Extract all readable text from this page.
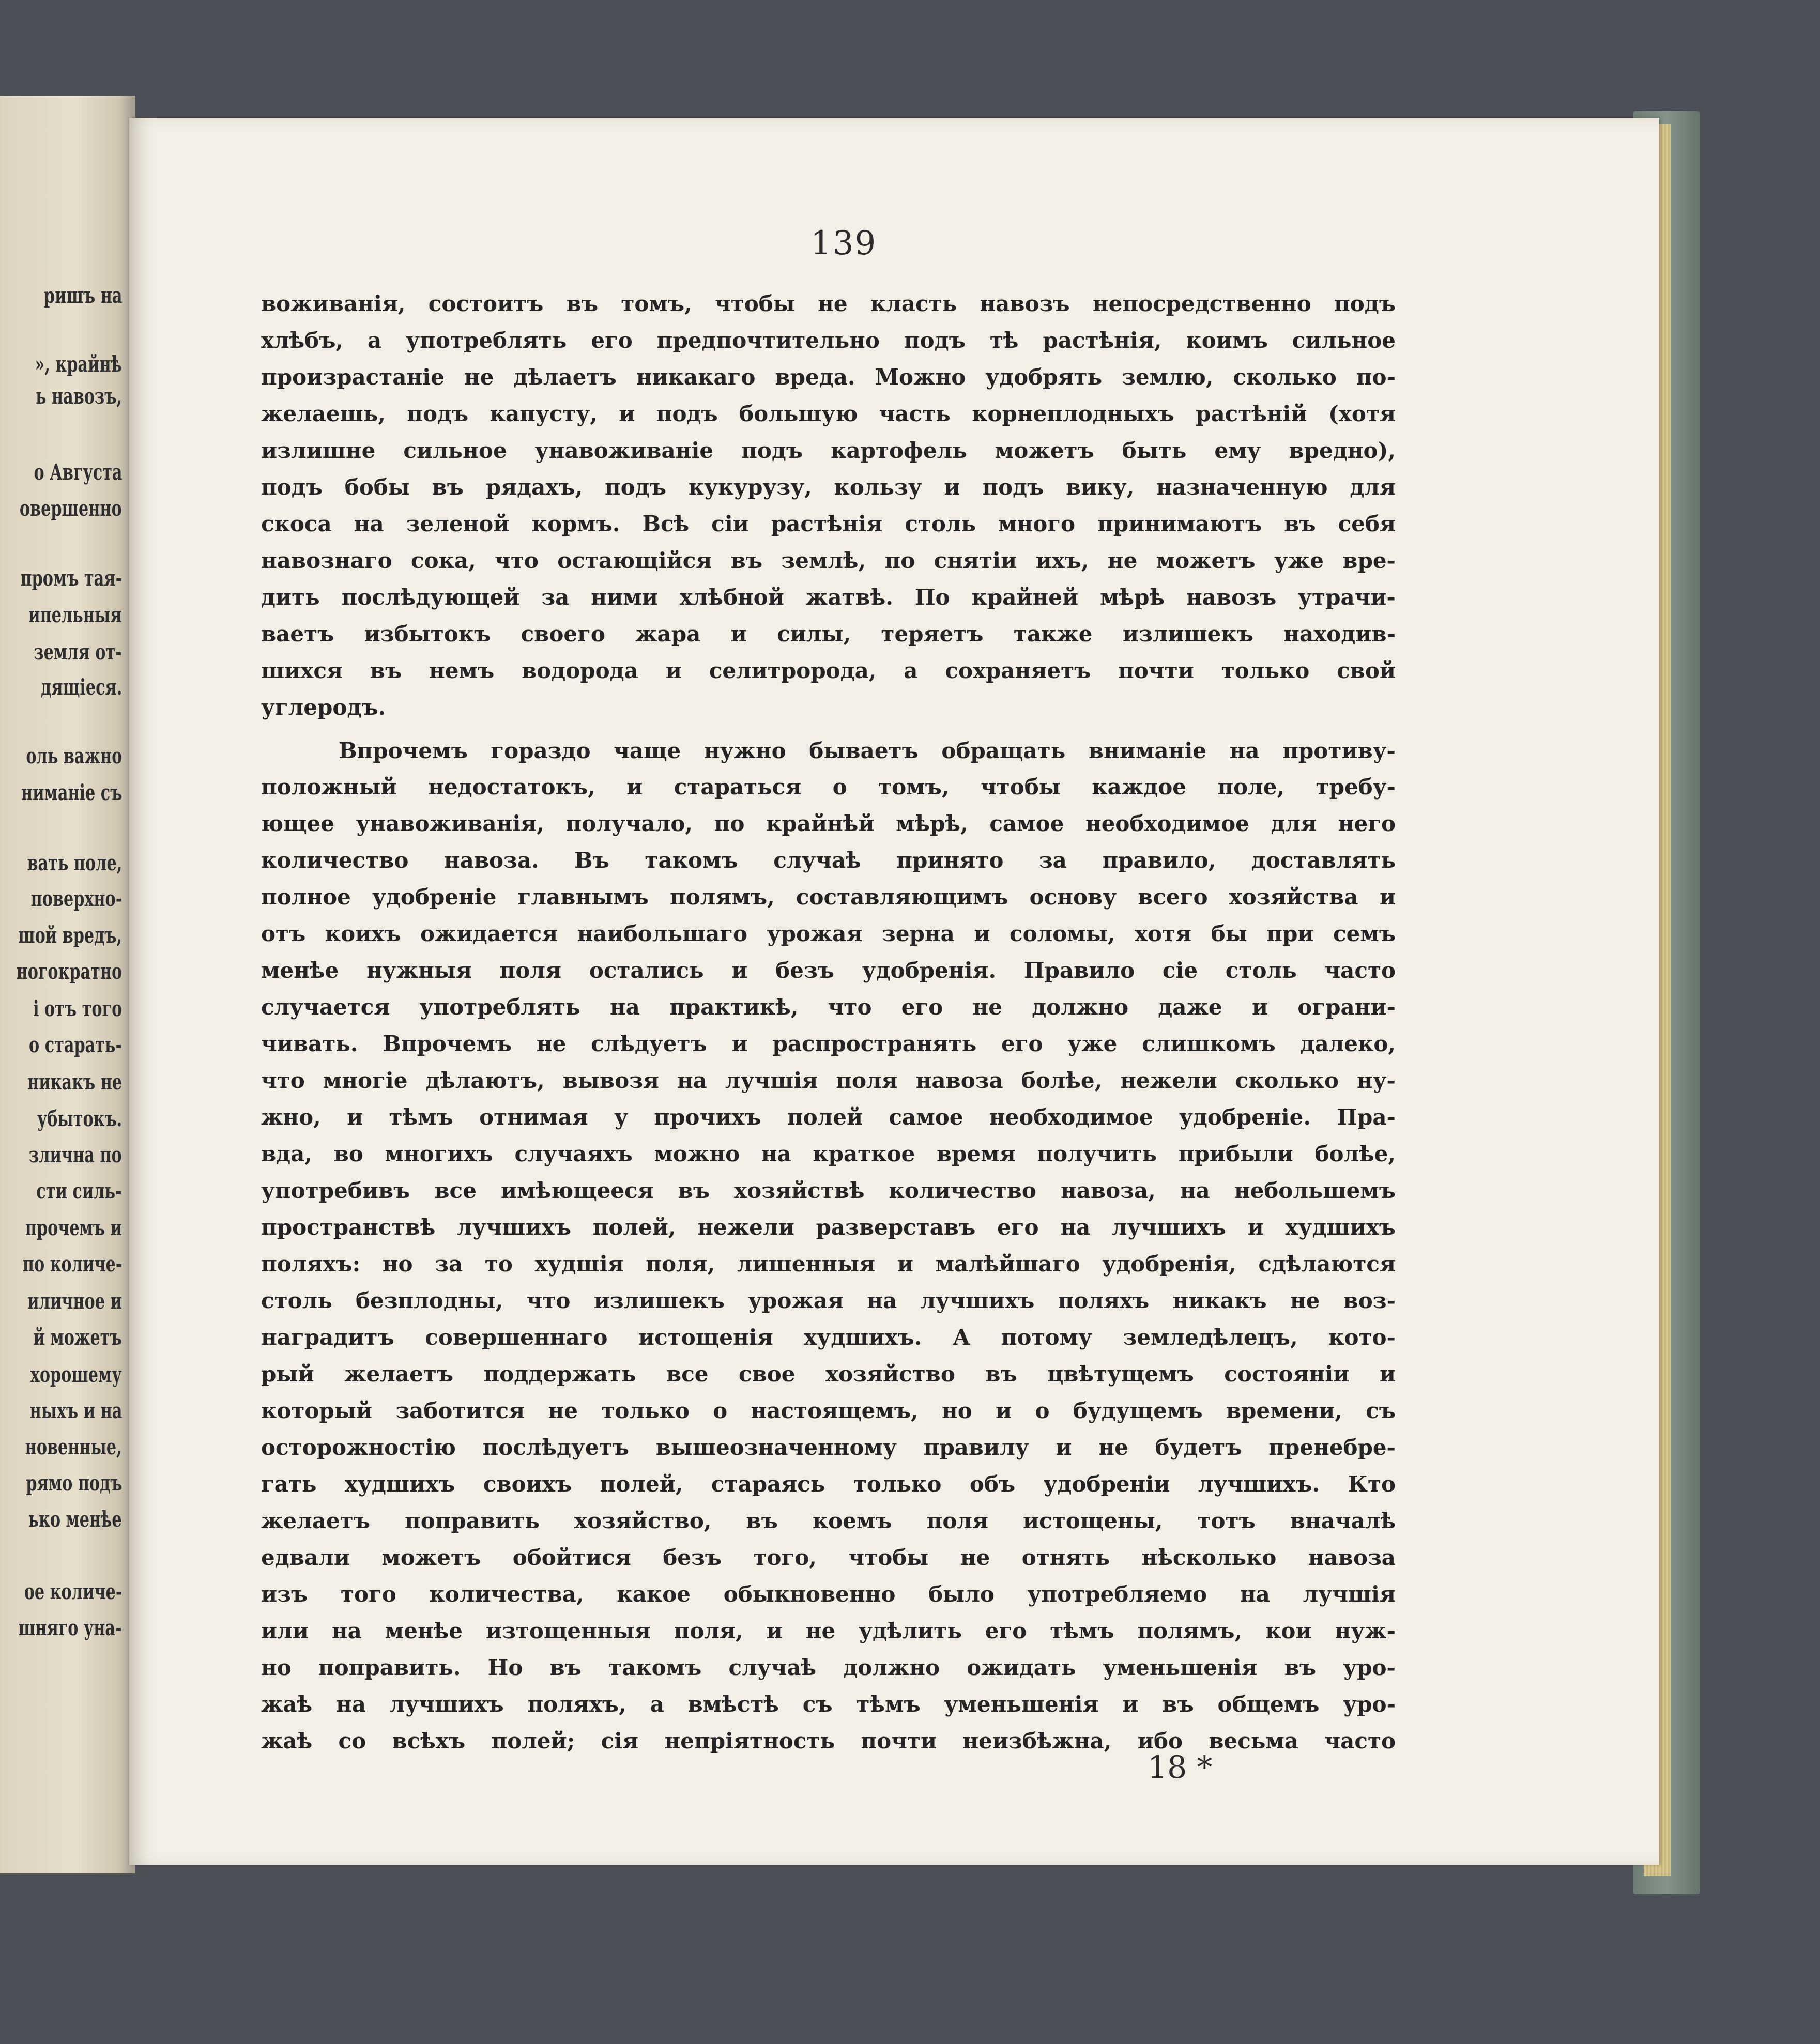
ришъ на

», крайнѣ

ь навозъ,

о Августа

овершенно

промъ тая-

ипельныя

земля от-

дящіеся.

оль важно

ниманіе съ

вать поле,

поверхно-

шой вредъ,

ногократно

і отъ того

о старать-

никакъ не

убытокъ.

злична по

сти силь-

прочемъ и

по количе-

иличное и

й можетъ

хорошему

ныхъ и на

новенные,

рямо подъ

ько менѣе

ое количе-

шняго уна-

139

воживанія, состоитъ въ томъ, чтобы не класть навозъ непосредственно подъ

хлѣбъ, а употреблять его предпочтительно подъ тѣ растѣнія, коимъ сильное

произрастаніе не дѣлаетъ никакаго вреда. Можно удобрять землю, сколько по-

желаешь, подъ капусту, и подъ большую часть корнеплодныхъ растѣній (хотя

излишне сильное унавоживаніе подъ картофель можетъ быть ему вредно),

подъ бобы въ рядахъ, подъ кукурузу, кользу и подъ вику, назначенную для

скоса на зеленой кормъ. Всѣ сіи растѣнія столь много принимаютъ въ себя

навознаго сока, что остающійся въ землѣ, по снятіи ихъ, не можетъ уже вре-

дить послѣдующей за ними хлѣбной жатвѣ. По крайней мѣрѣ навозъ утрачи-

ваетъ избытокъ своего жара и силы, теряетъ также излишекъ находив-

шихся въ немъ водорода и селитророда, а сохраняетъ почти только свой

углеродъ.

Впрочемъ гораздо чаще нужно бываетъ обращать вниманіе на противу-

положный недостатокъ, и стараться о томъ, чтобы каждое поле, требу-

ющее унавоживанія, получало, по крайнѣй мѣрѣ, самое необходимое для него

количество навоза. Въ такомъ случаѣ принято за правило, доставлять

полное удобреніе главнымъ полямъ, составляющимъ основу всего хозяйства и

отъ коихъ ожидается наибольшаго урожая зерна и соломы, хотя бы при семъ

менѣе нужныя поля остались и безъ удобренія. Правило сіе столь часто

случается употреблять на практикѣ, что его не должно даже и ограни-

чивать. Впрочемъ не слѣдуетъ и распространять его уже слишкомъ далеко,

что многіе дѣлаютъ, вывозя на лучшія поля навоза болѣе, нежели сколько ну-

жно, и тѣмъ отнимая у прочихъ полей самое необходимое удобреніе. Пра-

вда, во многихъ случаяхъ можно на краткое время получить прибыли болѣе,

употребивъ все имѣющееся въ хозяйствѣ количество навоза, на небольшемъ

пространствѣ лучшихъ полей, нежели разверставъ его на лучшихъ и худшихъ

поляхъ: но за то худшія поля, лишенныя и малѣйшаго удобренія, сдѣлаются

столь безплодны, что излишекъ урожая на лучшихъ поляхъ никакъ не воз-

наградитъ совершеннаго истощенія худшихъ. А потому земледѣлецъ, кото-

рый желаетъ поддержать все свое хозяйство въ цвѣтущемъ состояніи и

который заботится не только о настоящемъ, но и о будущемъ времени, съ

осторожностію послѣдуетъ вышеозначенному правилу и не будетъ пренебре-

гать худшихъ своихъ полей, стараясь только объ удобреніи лучшихъ. Кто

желаетъ поправить хозяйство, въ коемъ поля истощены, тотъ вначалѣ

едвали можетъ обойтися безъ того, чтобы не отнять нѣсколько навоза

изъ того количества, какое обыкновенно было употребляемо на лучшія

или на менѣе изтощенныя поля, и не удѣлить его тѣмъ полямъ, кои нуж-

но поправить. Но въ такомъ случаѣ должно ожидать уменьшенія въ уро-

жаѣ на лучшихъ поляхъ, а вмѣстѣ съ тѣмъ уменьшенія и въ общемъ уро-

жаѣ со всѣхъ полей; сія непріятность почти неизбѣжна, ибо весьма часто

18 *
